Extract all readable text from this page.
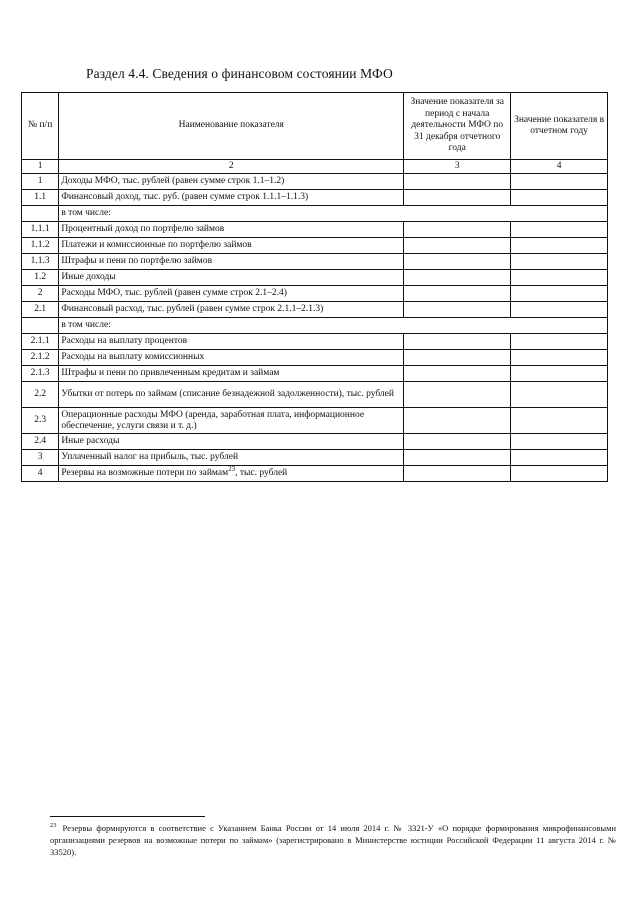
Раздел 4.4. Сведения о финансовом состоянии МФО
№ п/п	Наименование показателя	Значение показателя за период с начала деятельности МФО по 31 декабря отчетного года	Значение показателя в отчетном году
1	2	3	4
1	Доходы МФО, тыс. рублей (равен сумме строк 1.1–1.2)		
1.1	Финансовый доход, тыс. руб. (равен сумме строк 1.1.1–1.1.3)		
	в том числе:		
1.1.1	Процентный доход по портфелю займов		
1.1.2	Платежи и комиссионные по портфелю займов		
1.1.3	Штрафы и пени по портфелю займов		
1.2	Иные доходы		
2	Расходы МФО, тыс. рублей (равен сумме строк 2.1–2.4)		
2.1	Финансовый расход, тыс. рублей (равен сумме строк 2.1.1–2.1.3)		
	в том числе:		
2.1.1	Расходы на выплату процентов		
2.1.2	Расходы на выплату комиссионных		
2.1.3	Штрафы и пени по привлеченным кредитам и займам		
2.2	Убытки от потерь по займам (списание безнадежной задолженности), тыс. рублей		
2.3	Операционные расходы МФО (аренда, заработная плата, информационное обеспечение, услуги связи и т. д.)		
2.4	Иные расходы		
3	Уплаченный налог на прибыль, тыс. рублей		
4	Резервы на возможные потери по займам$^{23}$, тыс. рублей		
$^{23}$ Резервы формируются в соответствие с Указанием Банка России от 14 июля 2014 г. № 3321-У «О порядке формирования микрофинансовыми организациями резервов на возможные потери по займам» (зарегистрировано в Министерстве юстиции Российской Федерации 11 августа 2014 г. № 33520).
